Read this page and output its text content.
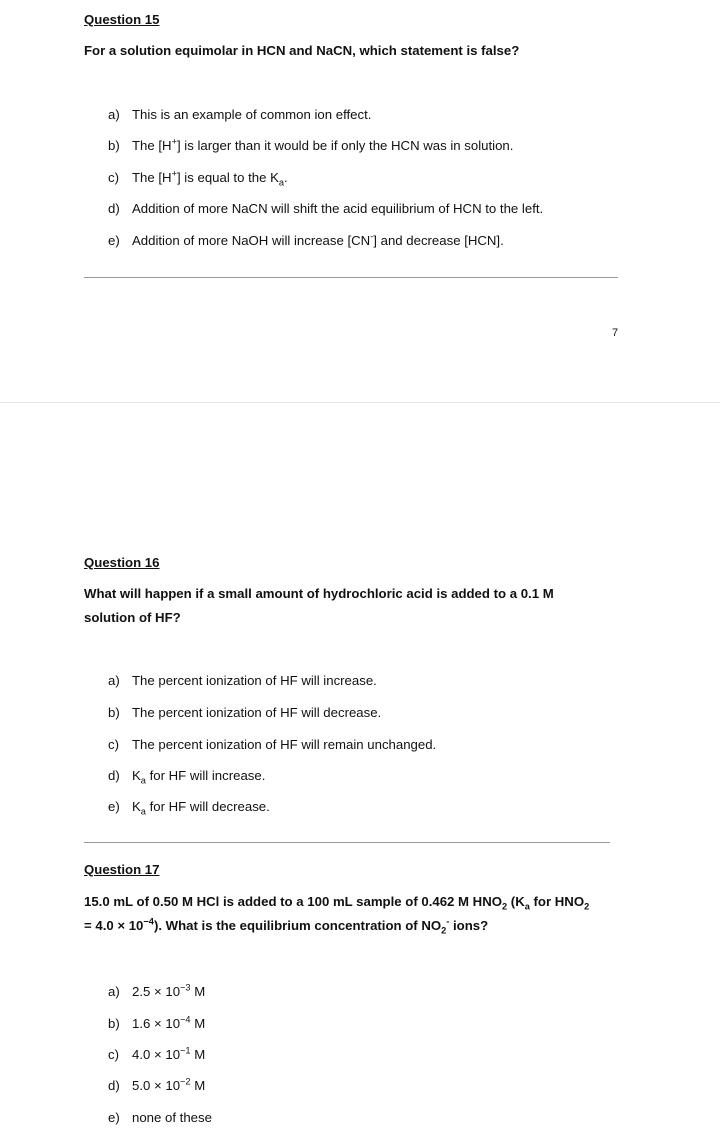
Question 15
For a solution equimolar in HCN and NaCN, which statement is false?
a) This is an example of common ion effect.
b) The [H+] is larger than it would be if only the HCN was in solution.
c) The [H+] is equal to the $K_a$.
d) Addition of more NaCN will shift the acid equilibrium of HCN to the left.
e) Addition of more NaOH will increase [CN-] and decrease [HCN].
7
Question 16
What will happen if a small amount of hydrochloric acid is added to a 0.1 M
solution of HF?
a) The percent ionization of HF will increase.
b) The percent ionization of HF will decrease.
c) The percent ionization of HF will remain unchanged.
d) $K_a$ for HF will increase.
e) $K_a$ for HF will decrease.
Question 17
15.0 mL of 0.50 M HCl is added to a 100 mL sample of 0.462 M $HNO_2$ ($K_a$ for $HNO_2$
= $4.0 \times 10^{-4}$). What is the equilibrium concentration of $NO_2^-$ ions?
a) $2.5 \times 10^{-3}$ M
b) $1.6 \times 10^{-4}$ M
c) $4.0 \times 10^{-1}$ M
d) $5.0 \times 10^{-2}$ M
e) none of these
